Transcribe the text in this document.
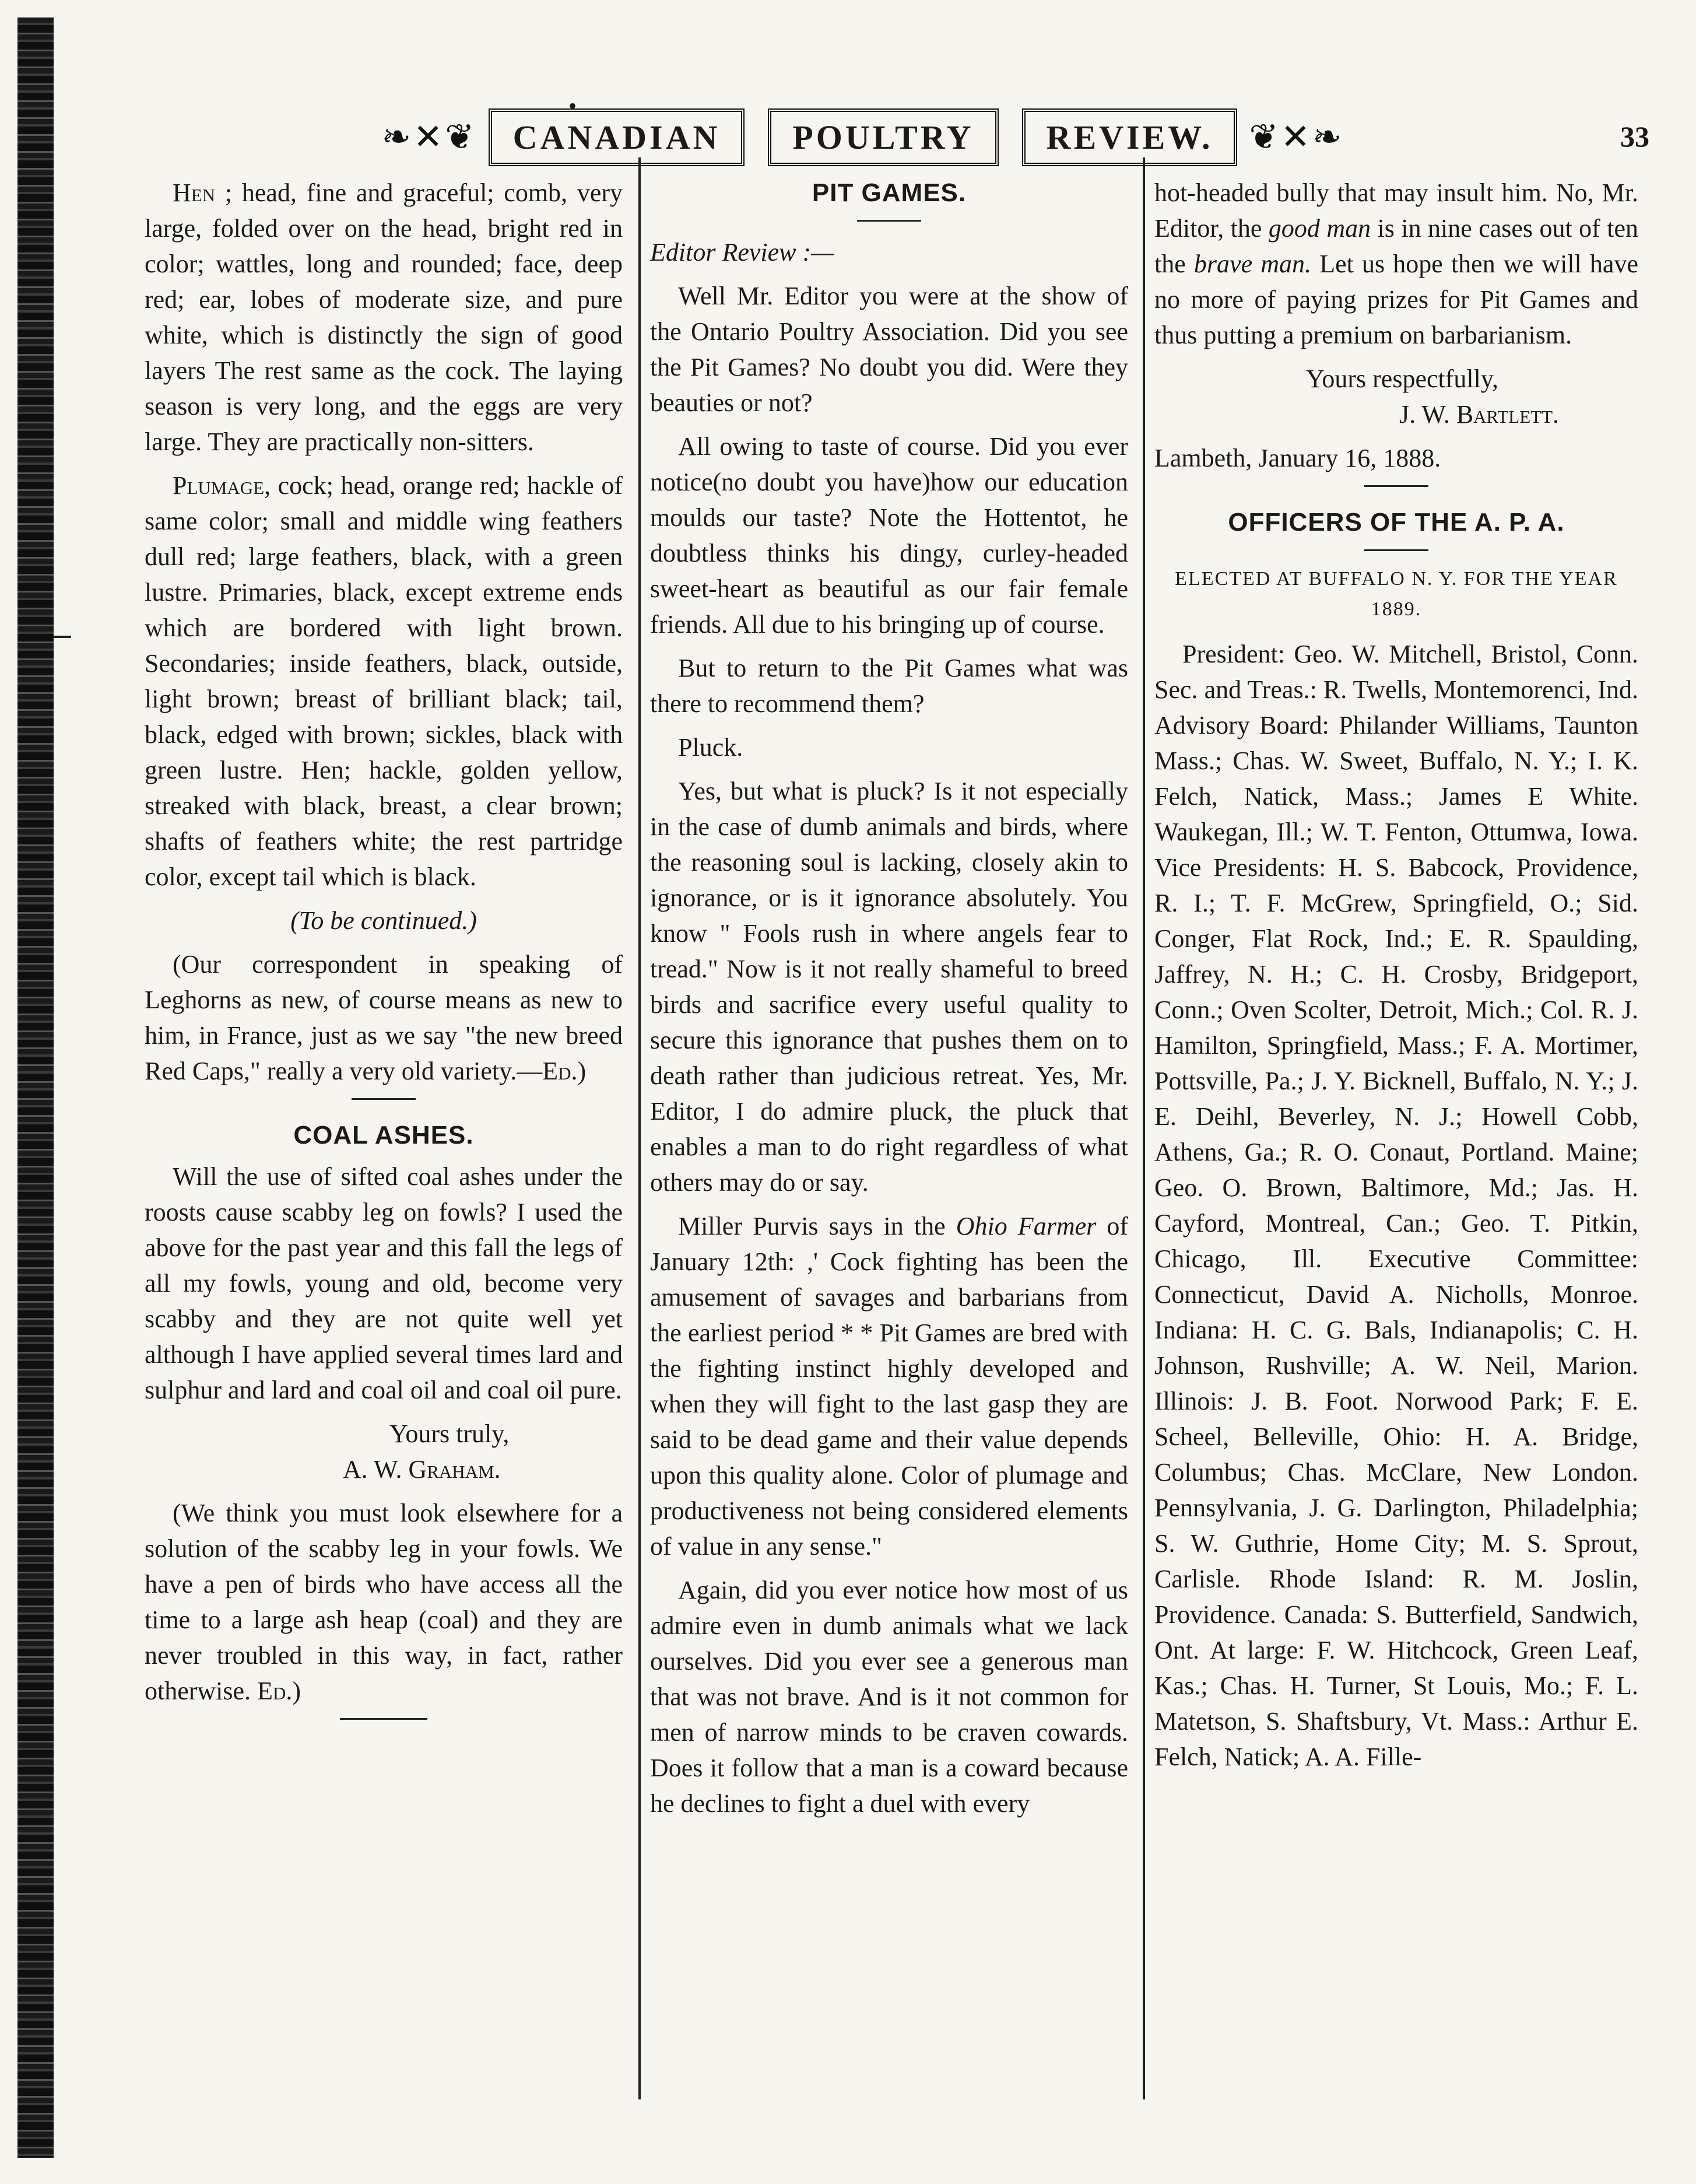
•
❧✕❦	CANADIAN	POULTRY	REVIEW.	❦✕❧	33

Hen ; head, fine and graceful; comb, very large, folded over on the head, bright red in color; wattles, long and rounded; face, deep red; ear, lobes of moderate size, and pure white, which is distinctly the sign of good layers The rest same as the cock. The laying season is very long, and the eggs are very large. They are practically non-sitters.

Plumage, cock; head, orange red; hackle of same color; small and middle wing feathers dull red; large feathers, black, with a green lustre. Primaries, black, except extreme ends which are bordered with light brown. Secondaries; inside feathers, black, outside, light brown; breast of brilliant black; tail, black, edged with brown; sickles, black with green lustre. Hen; hackle, golden yellow, streaked with black, breast, a clear brown; shafts of feathers white; the rest partridge color, except tail which is black.

(To be continued.)

(Our correspondent in speaking of Leghorns as new, of course means as new to him, in France, just as we say "the new breed Red Caps," really a very old variety.—Ed.)

COAL ASHES.

Will the use of sifted coal ashes under the roosts cause scabby leg on fowls? I used the above for the past year and this fall the legs of all my fowls, young and old, become very scabby and they are not quite well yet although I have applied several times lard and sulphur and lard and coal oil and coal oil pure.

Yours truly,

A. W. Graham.

(We think you must look elsewhere for a solution of the scabby leg in your fowls. We have a pen of birds who have access all the time to a large ash heap (coal) and they are never troubled in this way, in fact, rather otherwise. Ed.)

PIT GAMES.

Editor Review :—

Well Mr. Editor you were at the show of the Ontario Poultry Association. Did you see the Pit Games? No doubt you did. Were they beauties or not?

All owing to taste of course. Did you ever notice(no doubt you have)how our education moulds our taste? Note the Hottentot, he doubtless thinks his dingy, curley-headed sweet-heart as beautiful as our fair female friends. All due to his bringing up of course.

But to return to the Pit Games what was there to recommend them?

Pluck.

Yes, but what is pluck? Is it not especially in the case of dumb animals and birds, where the reasoning soul is lacking, closely akin to ignorance, or is it ignorance absolutely. You know " Fools rush in where angels fear to tread." Now is it not really shameful to breed birds and sacrifice every useful quality to secure this ignorance that pushes them on to death rather than judicious retreat. Yes, Mr. Editor, I do admire pluck, the pluck that enables a man to do right regardless of what others may do or say.

Miller Purvis says in the Ohio Farmer of January 12th: ,' Cock fighting has been the amusement of savages and barbarians from the earliest period * * Pit Games are bred with the fighting instinct highly developed and when they will fight to the last gasp they are said to be dead game and their value depends upon this quality alone. Color of plumage and productiveness not being considered elements of value in any sense."

Again, did you ever notice how most of us admire even in dumb animals what we lack ourselves. Did you ever see a generous man that was not brave. And is it not common for men of narrow minds to be craven cowards. Does it follow that a man is a coward because he declines to fight a duel with every

hot-headed bully that may insult him. No, Mr. Editor, the good man is in nine cases out of ten the brave man. Let us hope then we will have no more of paying prizes for Pit Games and thus putting a premium on barbarianism.

Yours respectfully,

J. W. Bartlett.

Lambeth, January 16, 1888.

OFFICERS OF THE A. P. A.
ELECTED AT BUFFALO N. Y. FOR THE YEAR 1889.

President: Geo. W. Mitchell, Bristol, Conn. Sec. and Treas.: R. Twells, Montemorenci, Ind. Advisory Board: Philander Williams, Taunton Mass.; Chas. W. Sweet, Buffalo, N. Y.; I. K. Felch, Natick, Mass.; James E White. Waukegan, Ill.; W. T. Fenton, Ottumwa, Iowa. Vice Presidents: H. S. Babcock, Providence, R. I.; T. F. McGrew, Springfield, O.; Sid. Conger, Flat Rock, Ind.; E. R. Spaulding, Jaffrey, N. H.; C. H. Crosby, Bridgeport, Conn.; Oven Scolter, Detroit, Mich.; Col. R. J. Hamilton, Springfield, Mass.; F. A. Mortimer, Pottsville, Pa.; J. Y. Bicknell, Buffalo, N. Y.; J. E. Deihl, Beverley, N. J.; Howell Cobb, Athens, Ga.; R. O. Conaut, Portland. Maine; Geo. O. Brown, Baltimore, Md.; Jas. H. Cayford, Montreal, Can.; Geo. T. Pitkin, Chicago, Ill. Executive Committee: Connecticut, David A. Nicholls, Monroe. Indiana: H. C. G. Bals, Indianapolis; C. H. Johnson, Rushville; A. W. Neil, Marion. Illinois: J. B. Foot. Norwood Park; F. E. Scheel, Belleville, Ohio: H. A. Bridge, Columbus; Chas. McClare, New London. Pennsylvania, J. G. Darlington, Philadelphia; S. W. Guthrie, Home City; M. S. Sprout, Carlisle. Rhode Island: R. M. Joslin, Providence. Canada: S. Butterfield, Sandwich, Ont. At large: F. W. Hitchcock, Green Leaf, Kas.; Chas. H. Turner, St Louis, Mo.; F. L. Matetson, S. Shaftsbury, Vt. Mass.: Arthur E. Felch, Natick; A. A. Fille-
